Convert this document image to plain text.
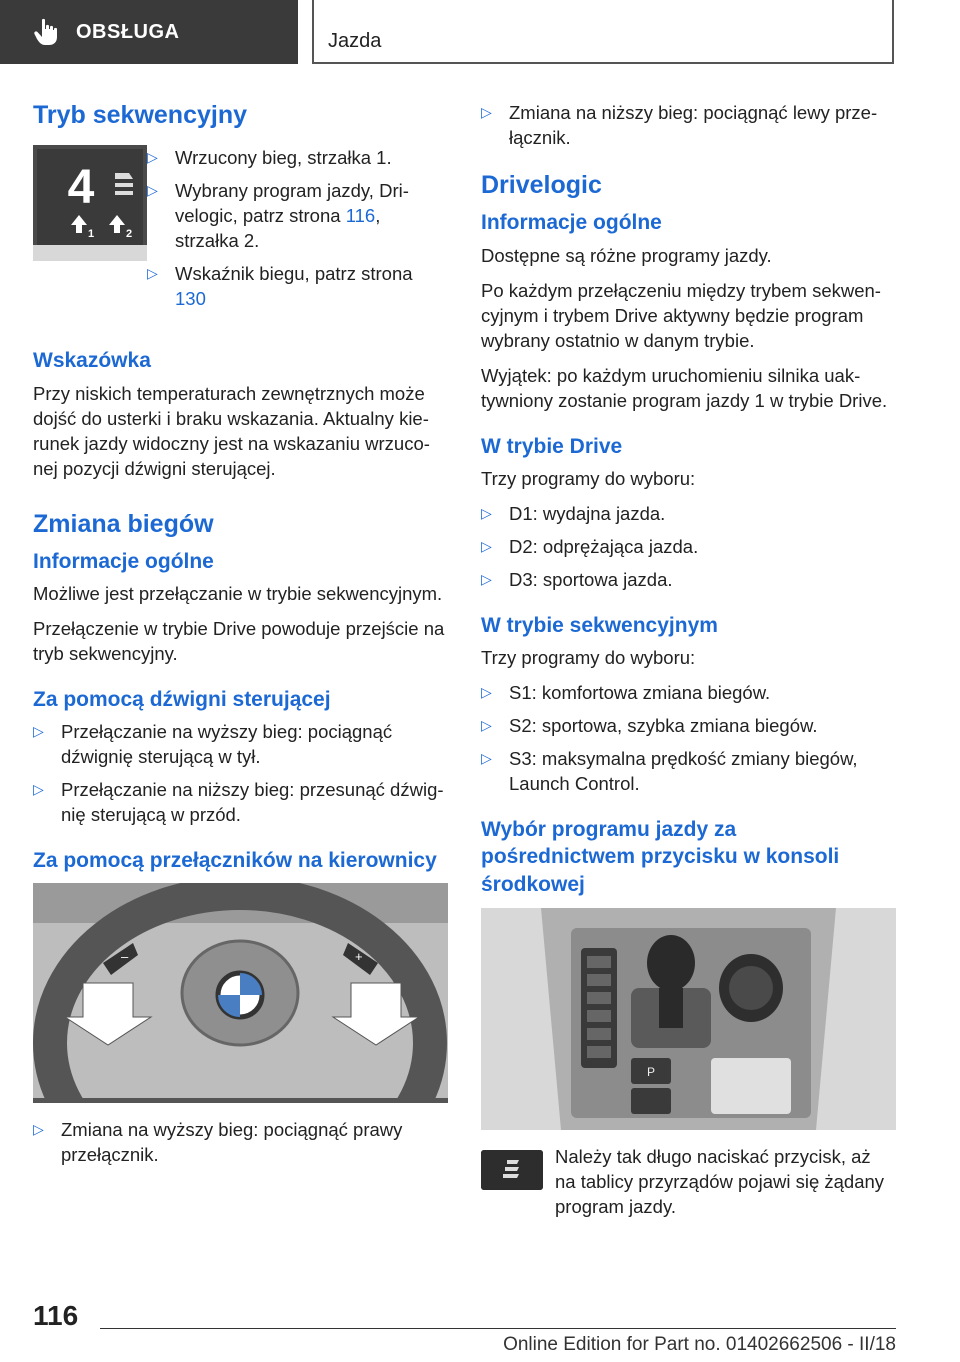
OBSŁUGA	Jazda
Tryb sekwencyjny
4
1	2
▷ Wrzucony bieg, strzałka 1.
▷ Wybrany program jazdy, Drivelogic, patrz strona 116, strzałka 2.
▷ Wskaźnik biegu, patrz strona 130
Wskazówka

Przy niskich temperaturach zewnętrznych może dojść do usterki i braku wskazania. Aktualny kierunek jazdy widoczny jest na wskazaniu wrzuconej pozycji dźwigni sterującej.

Zmiana biegów
Informacje ogólne

Możliwe jest przełączanie w trybie sekwencyjnym.

Przełączenie w trybie Drive powoduje przejście na tryb sekwencyjny.

Za pomocą dźwigni sterującej
▷ Przełączanie na wyższy bieg: pociągnąć dźwignię sterującą w tył.
▷ Przełączanie na niższy bieg: przesunąć dźwignię sterującą w przód.
Za pomocą przełączników na kierownicy
–	+
▷ Zmiana na wyższy bieg: pociągnąć prawy przełącznik.
▷ Zmiana na niższy bieg: pociągnąć lewy przełącznik.
Drivelogic
Informacje ogólne

Dostępne są różne programy jazdy.

Po każdym przełączeniu między trybem sekwencyjnym i trybem Drive aktywny będzie program wybrany ostatnio w danym trybie.

Wyjątek: po każdym uruchomieniu silnika uaktywniony zostanie program jazdy 1 w trybie Drive.

W trybie Drive

Trzy programy do wyboru:

▷ D1: wydajna jazda.
▷ D2: odprężająca jazda.
▷ D3: sportowa jazda.
W trybie sekwencyjnym

Trzy programy do wyboru:

▷ S1: komfortowa zmiana biegów.
▷ S2: sportowa, szybka zmiana biegów.
▷ S3: maksymalna prędkość zmiany biegów, Launch Control.
Wybór programu jazdy za pośrednictwem przycisku w konsoli środkowej
P

Należy tak długo naciskać przycisk, aż na tablicy przyrządów pojawi się żądany program jazdy.

116
Online Edition for Part no. 01402662506 - II/18
